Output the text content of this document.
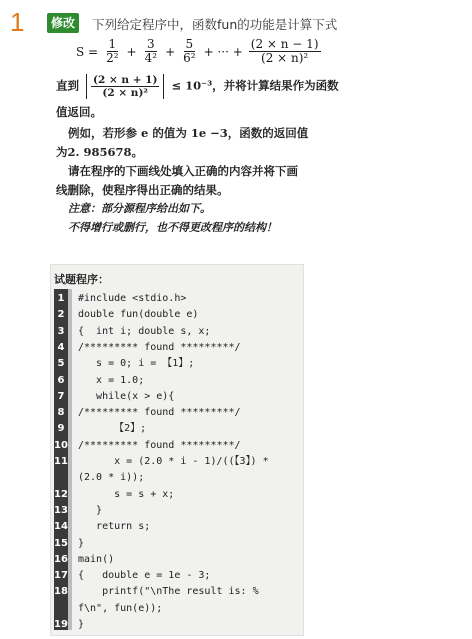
1	修改	下列给定程序中，函数fun的功能是计算下式
$S = \frac{1}{\text{2²}} + \frac{3}{\text{4²}} + \frac{5}{\text{6²}}$ + ··· + $\frac{(2 \times n - 1)}{\text{(2 × n)²}}$
直到 $\frac{(2 \times n + 1)}{\text{(2 × n)²}} \le 10^{-3}$，并将计算结果作为函数
值返回。
例如，若形参 e 的值为 1e −3，函数的返回值
为2. 985678。
请在程序的下画线处填入正确的内容并将下画
线删除，使程序得出正确的结果。
注意：部分源程序给出如下。
不得增行或删行，也不得更改程序的结构！
试题程序：
1	#include <stdio.h>
2	double fun(double e)
3	{  int i; double s, x;
4	/********* found *********/
5	s = 0; i = 【1】;
6	x = 1.0;
7	while(x > e){
8	/********* found *********/
9	【2】;
10 /********* found *********/
11 x = (2.0 * i - 1)/((【3】) *
(2.0 * i));
12 s = s + x;
13 }
14 return s;
15 }
16 main()
17 {   double e = 1e - 3;
18 printf("\nThe result is: %
f\n", fun(e));
19 }
